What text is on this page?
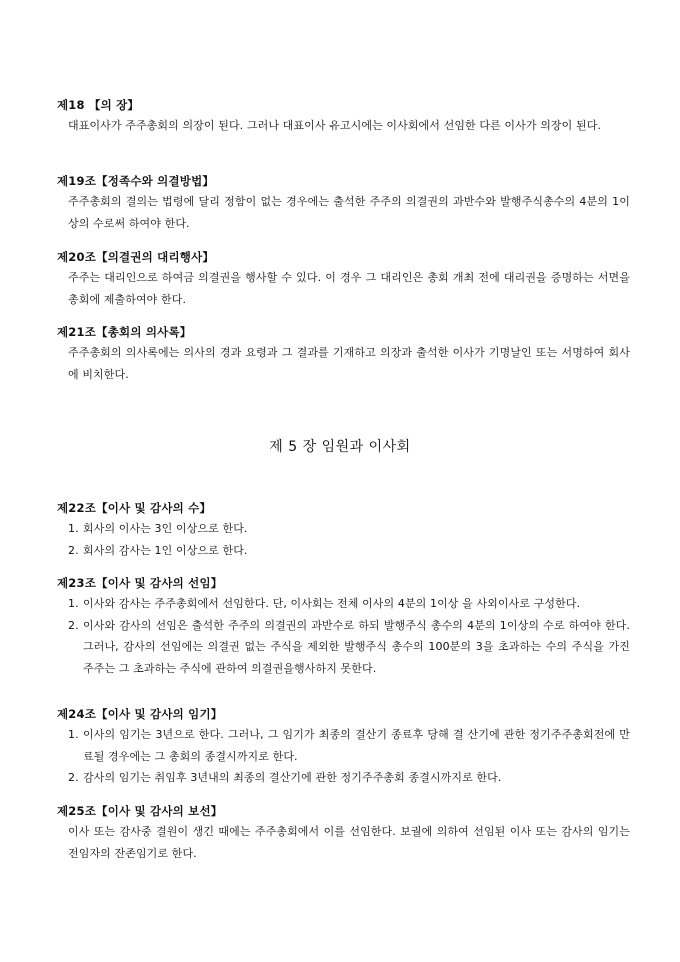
제18 【의 장】
대표이사가 주주총회의 의장이 된다. 그러나 대표이사 유고시에는 이사회에서 선임한 다른 이사가 의장이 된다.
제19조【정족수와 의결방법】
주주총회의 결의는 법령에 달리 정함이 없는 경우에는 출석한 주주의 의결권의 과반수와 발행주식총수의 4분의 1이상의 수로써 하여야 한다.
제20조【의결권의 대리행사】
주주는 대리인으로 하여금 의결권을 행사할 수 있다. 이 경우 그 대리인은 총회 개최 전에 대리권을 증명하는 서면을 총회에 제출하여야 한다.
제21조【총회의 의사록】
주주총회의 의사록에는 의사의 경과 요령과 그 결과를 기재하고 의장과 출석한 이사가 기명날인 또는 서명하여 회사에 비치한다.
제 5 장 임원과 이사회
제22조【이사 및 감사의 수】
1. 회사의 이사는 3인 이상으로 한다.
2. 회사의 감사는 1인 이상으로 한다.
제23조【이사 및 감사의 선임】
1. 이사와 감사는 주주총회에서 선임한다. 단, 이사회는 전체 이사의 4분의 1이상 을 사외이사로 구성한다.
2. 이사와 감사의 선임은 출석한 주주의 의결권의 과반수로 하되 발행주식 총수의 4분의 1이상의 수로 하여야 한다. 그러나, 감사의 선임에는 의결권 없는 주식을 제외한 발행주식 총수의 100분의 3을 초과하는 수의 주식을 가진 주주는 그 초과하는 주식에 관하여 의결권을행사하지 못한다.
제24조【이사 및 감사의 임기】
1. 이사의 임기는 3년으로 한다. 그러나, 그 임기가 최종의 결산기 종료후 당해 결 산기에 관한 정기주주총회전에 만료될 경우에는 그 총회의 종결시까지로 한다.
2. 감사의 임기는 취임후 3년내의 최종의 결산기에 관한 정기주주총회 종결시까지로 한다.
제25조【이사 및 감사의 보선】
이사 또는 감사중 결원이 생긴 때에는 주주총회에서 이를 선임한다. 보궐에 의하여 선임된 이사 또는 감사의 임기는 전임자의 잔존임기로 한다.
